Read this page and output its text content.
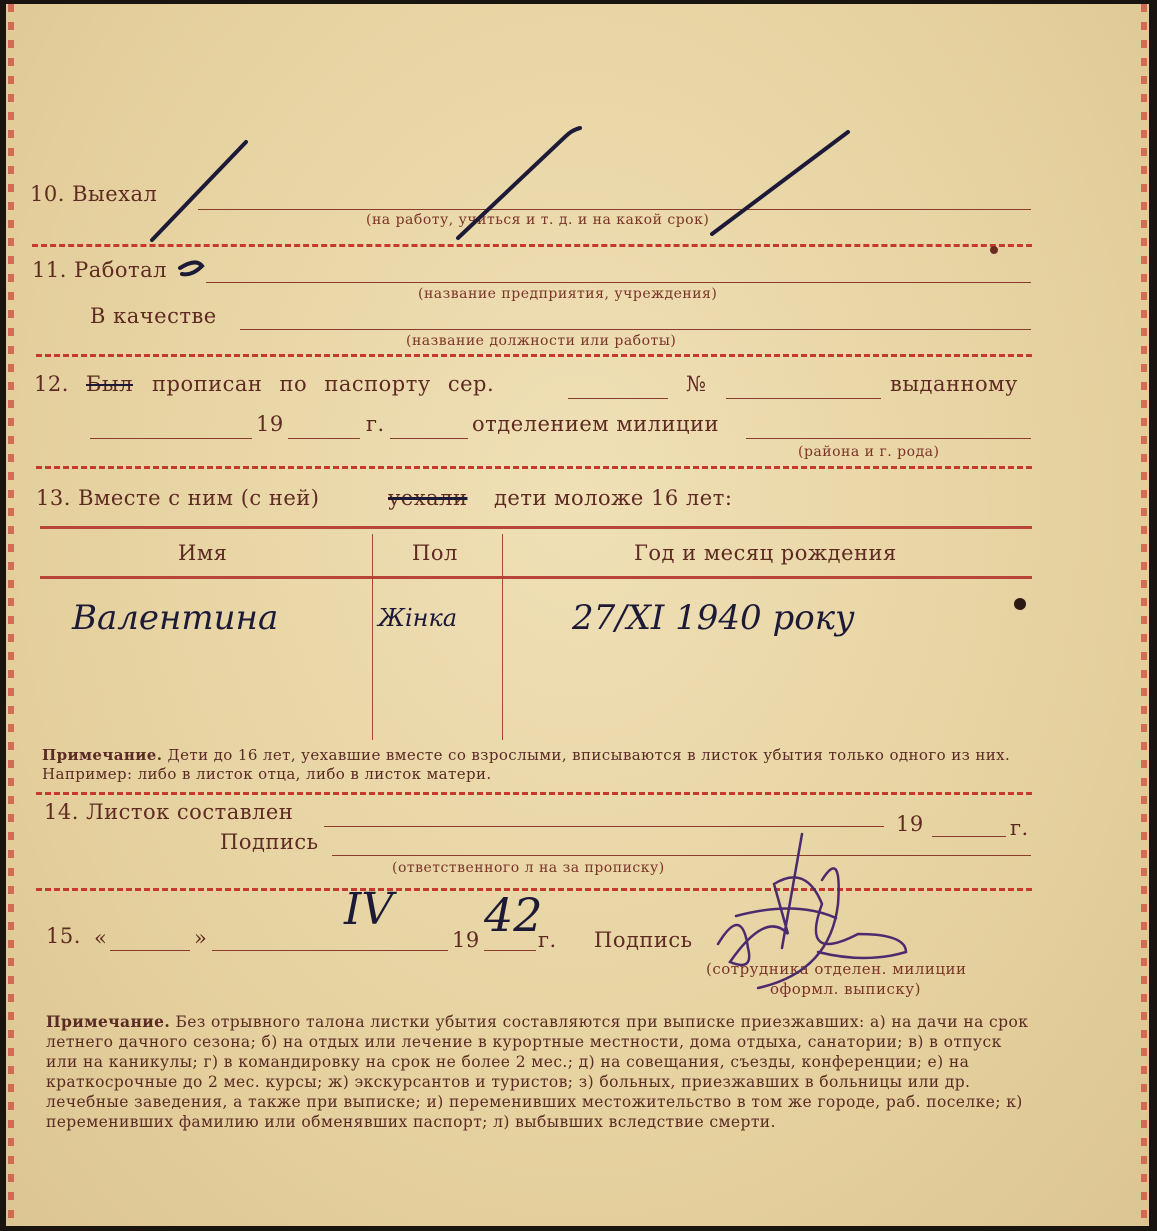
10. Выехал
(на работу, учиться и т. д. и на какой срок)
11. Работал
(название предприятия, учреждения)
В качестве
(название должности или работы)
12. Был прописан по паспорту сер.	№	выданному
19	г.	отделением милиции
(района и г. рода)
13. Вместе с ним (с ней)	уехали дети моложе 16 лет:
Имя	Пол	Год и месяц рождения
Валентина	Жінка	27/XI 1940 року
Примечание. Дети до 16 лет, уехавшие вместе со взрослыми, вписываются в листок убытия только одного из них. Например: либо в листок отца, либо в листок матери.
14. Листок составлен	19	г.
Подпись
(ответственного л на за прописку)
15. «	»
IV
19 42
г. Подпись
(сотрудника отделен. милиции
оформл. выписку)
Примечание. Без отрывного талона листки убытия составляются при выписке приезжавших: а) на дачи на срок летнего дачного сезона; б) на отдых или лечение в курортные местности, дома отдыха, санатории; в) в отпуск или на каникулы; г) в командировку на срок не более 2 мес.; д) на совещания, съезды, конференции; е) на краткосрочные до 2 мес. курсы; ж) экскурсантов и туристов; з) больных, приезжавших в больницы или др. лечебные заведения, а также при выписке; и) переменивших местожительство в том же городе, раб. поселке; к) переменивших фамилию или обменявших паспорт; л) выбывших вследствие смерти.
